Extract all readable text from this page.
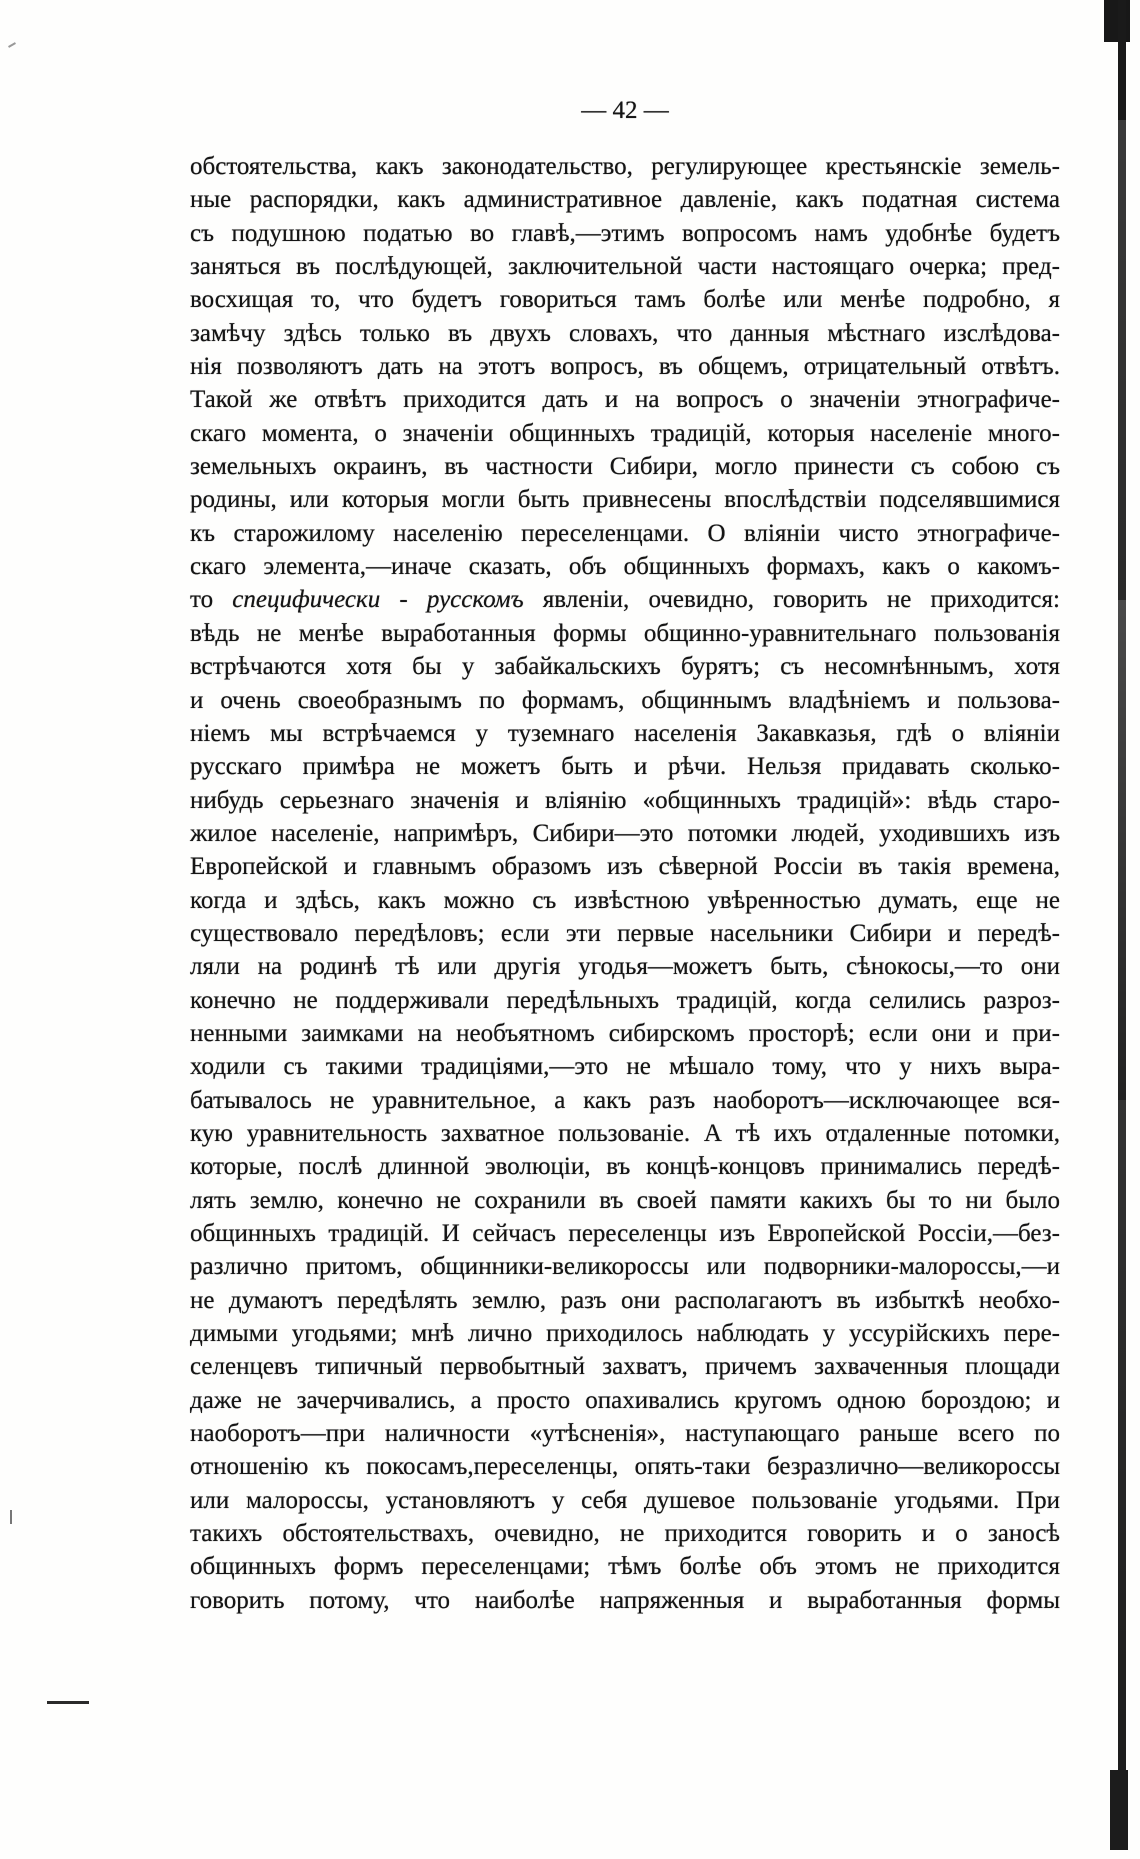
— 42 —
обстоятельства, какъ законодательство, регулирующее крестьянскіе земель-
ные распорядки, какъ административное давленіе, какъ податная система
съ подушною податью во главѣ,—этимъ вопросомъ намъ удобнѣе будетъ
заняться въ послѣдующей, заключительной части настоящаго очерка; пред-
восхищая то, что будетъ говориться тамъ болѣе или менѣе подробно, я
замѣчу здѣсь только въ двухъ словахъ, что данныя мѣстнаго изслѣдова-
нія позволяютъ дать на этотъ вопросъ, въ общемъ, отрицательный отвѣтъ.
Такой же отвѣтъ приходится дать и на вопросъ о значеніи этнографиче-
скаго момента, о значеніи общинныхъ традицій, которыя населеніе много-
земельныхъ окраинъ, въ частности Сибири, могло принести съ собою съ
родины, или которыя могли быть привнесены впослѣдствіи подселявшимися
къ старожилому населенію переселенцами. О вліяніи чисто этнографиче-
скаго элемента,—иначе сказать, объ общинныхъ формахъ, какъ о какомъ-
то специфически - русскомъ явленіи, очевидно, говорить не приходится:
вѣдь не менѣе выработанныя формы общинно-уравнительнаго пользованія
встрѣчаются хотя бы у забайкальскихъ бурятъ; съ несомнѣннымъ, хотя
и очень своеобразнымъ по формамъ, общиннымъ владѣніемъ и пользова-
ніемъ мы встрѣчаемся у туземнаго населенія Закавказья, гдѣ о вліяніи
русскаго примѣра не можетъ быть и рѣчи. Нельзя придавать сколько-
нибудь серьезнаго значенія и вліянію «общинныхъ традицій»: вѣдь старо-
жилое населеніе, напримѣръ, Сибири—это потомки людей, уходившихъ изъ
Европейской и главнымъ образомъ изъ сѣверной Россіи въ такія времена,
когда и здѣсь, какъ можно съ извѣстною увѣренностью думать, еще не
существовало передѣловъ; если эти первые насельники Сибири и передѣ-
ляли на родинѣ тѣ или другія угодья—можетъ быть, сѣнокосы,—то они
конечно не поддерживали передѣльныхъ традицій, когда селились разроз-
ненными заимками на необъятномъ сибирскомъ просторѣ; если они и при-
ходили съ такими традиціями,—это не мѣшало тому, что у нихъ выра-
батывалось не уравнительное, а какъ разъ наоборотъ—исключающее вся-
кую уравнительность захватное пользованіе. А тѣ ихъ отдаленные потомки,
которые, послѣ длинной эволюціи, въ концѣ-концовъ принимались передѣ-
лять землю, конечно не сохранили въ своей памяти какихъ бы то ни было
общинныхъ традицій. И сейчасъ переселенцы изъ Европейской Россіи,—без-
различно притомъ, общинники-великороссы или подворники-малороссы,—и
не думаютъ передѣлять землю, разъ они располагаютъ въ избыткѣ необхо-
димыми угодьями; мнѣ лично приходилось наблюдать у уссурійскихъ пере-
селенцевъ типичный первобытный захватъ, причемъ захваченныя площади
даже не зачерчивались, а просто опахивались кругомъ одною бороздою; и
наоборотъ—при наличности «утѣсненія», наступающаго раньше всего по
отношенію къ покосамъ,переселенцы, опять-таки безразлично—великороссы
или малороссы, установляютъ у себя душевое пользованіе угодьями. При
такихъ обстоятельствахъ, очевидно, не приходится говорить и о заносѣ
общинныхъ формъ переселенцами; тѣмъ болѣе объ этомъ не приходится
говорить потому, что наиболѣе напряженныя и выработанныя формы
